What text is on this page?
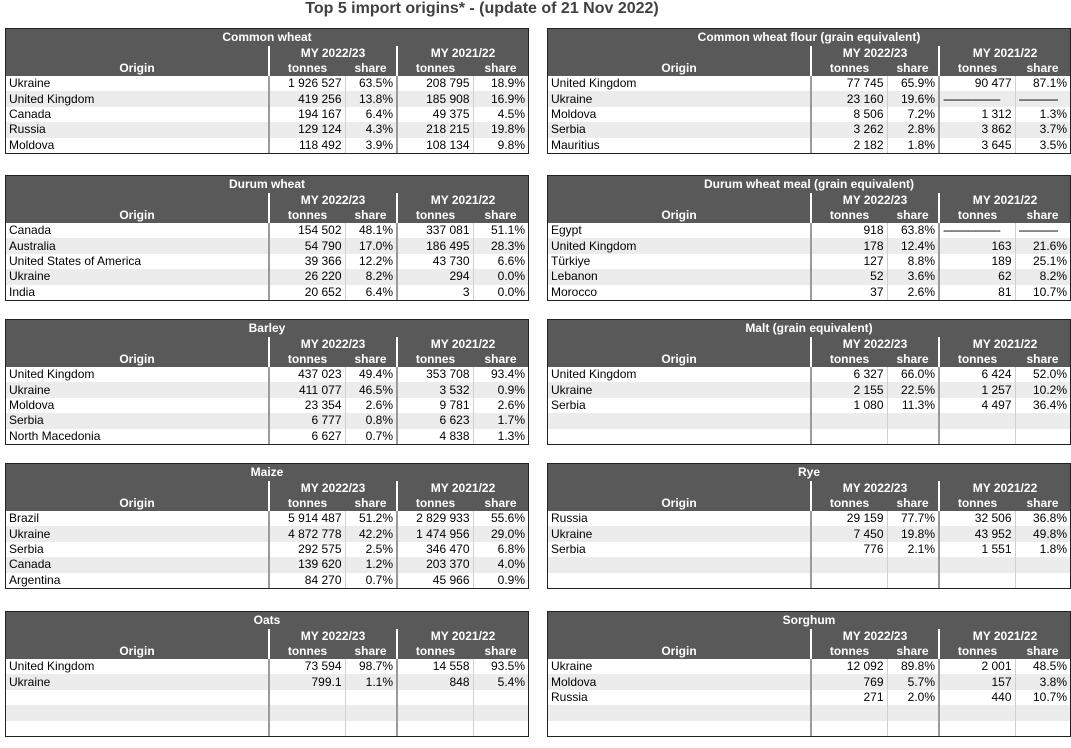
Top 5 import origins* - (update of 21 Nov 2022)
Common wheat
	MY 2022/23		MY 2021/22	
Origin	tonnes	share	tonnes	share
Ukraine	1 926 527	63.5%	208 795	18.9%
United Kingdom	419 256	13.8%	185 908	16.9%
Canada	194 167	6.4%	49 375	4.5%
Russia	129 124	4.3%	218 215	19.8%
Moldova	118 492	3.9%	108 134	9.8%
Common wheat flour (grain equivalent)
	MY 2022/23		MY 2021/22	
Origin	tonnes	share	tonnes	share
United Kingdom	77 745	65.9%	90 477	87.1%
Ukraine	23 160	19.6%	-------------------	-------------
Moldova	8 506	7.2%	1 312	1.3%
Serbia	3 262	2.8%	3 862	3.7%
Mauritius	2 182	1.8%	3 645	3.5%
Durum wheat
	MY 2022/23		MY 2021/22	
Origin	tonnes	share	tonnes	share
Canada	154 502	48.1%	337 081	51.1%
Australia	54 790	17.0%	186 495	28.3%
United States of America	39 366	12.2%	43 730	6.6%
Ukraine	26 220	8.2%	294	0.0%
India	20 652	6.4%	3	0.0%
Durum wheat meal (grain equivalent)
	MY 2022/23		MY 2021/22	
Origin	tonnes	share	tonnes	share
Egypt	918	63.8%	-------------------	-------------
United Kingdom	178	12.4%	163	21.6%
Türkiye	127	8.8%	189	25.1%
Lebanon	52	3.6%	62	8.2%
Morocco	37	2.6%	81	10.7%
Barley
	MY 2022/23		MY 2021/22	
Origin	tonnes	share	tonnes	share
United Kingdom	437 023	49.4%	353 708	93.4%
Ukraine	411 077	46.5%	3 532	0.9%
Moldova	23 354	2.6%	9 781	2.6%
Serbia	6 777	0.8%	6 623	1.7%
North Macedonia	6 627	0.7%	4 838	1.3%
Malt (grain equivalent)
	MY 2022/23		MY 2021/22	
Origin	tonnes	share	tonnes	share
United Kingdom	6 327	66.0%	6 424	52.0%
Ukraine	2 155	22.5%	1 257	10.2%
Serbia	1 080	11.3%	4 497	36.4%

Maize
	MY 2022/23		MY 2021/22	
Origin	tonnes	share	tonnes	share
Brazil	5 914 487	51.2%	2 829 933	55.6%
Ukraine	4 872 778	42.2%	1 474 956	29.0%
Serbia	292 575	2.5%	346 470	6.8%
Canada	139 620	1.2%	203 370	4.0%
Argentina	84 270	0.7%	45 966	0.9%
Rye
	MY 2022/23		MY 2021/22	
Origin	tonnes	share	tonnes	share
Russia	29 159	77.7%	32 506	36.8%
Ukraine	7 450	19.8%	43 952	49.8%
Serbia	776	2.1%	1 551	1.8%

Oats
	MY 2022/23		MY 2021/22	
Origin	tonnes	share	tonnes	share
United Kingdom	73 594	98.7%	14 558	93.5%
Ukraine	799.1	1.1%	848	5.4%

Sorghum
	MY 2022/23		MY 2021/22	
Origin	tonnes	share	tonnes	share
Ukraine	12 092	89.8%	2 001	48.5%
Moldova	769	5.7%	157	3.8%
Russia	271	2.0%	440	10.7%
